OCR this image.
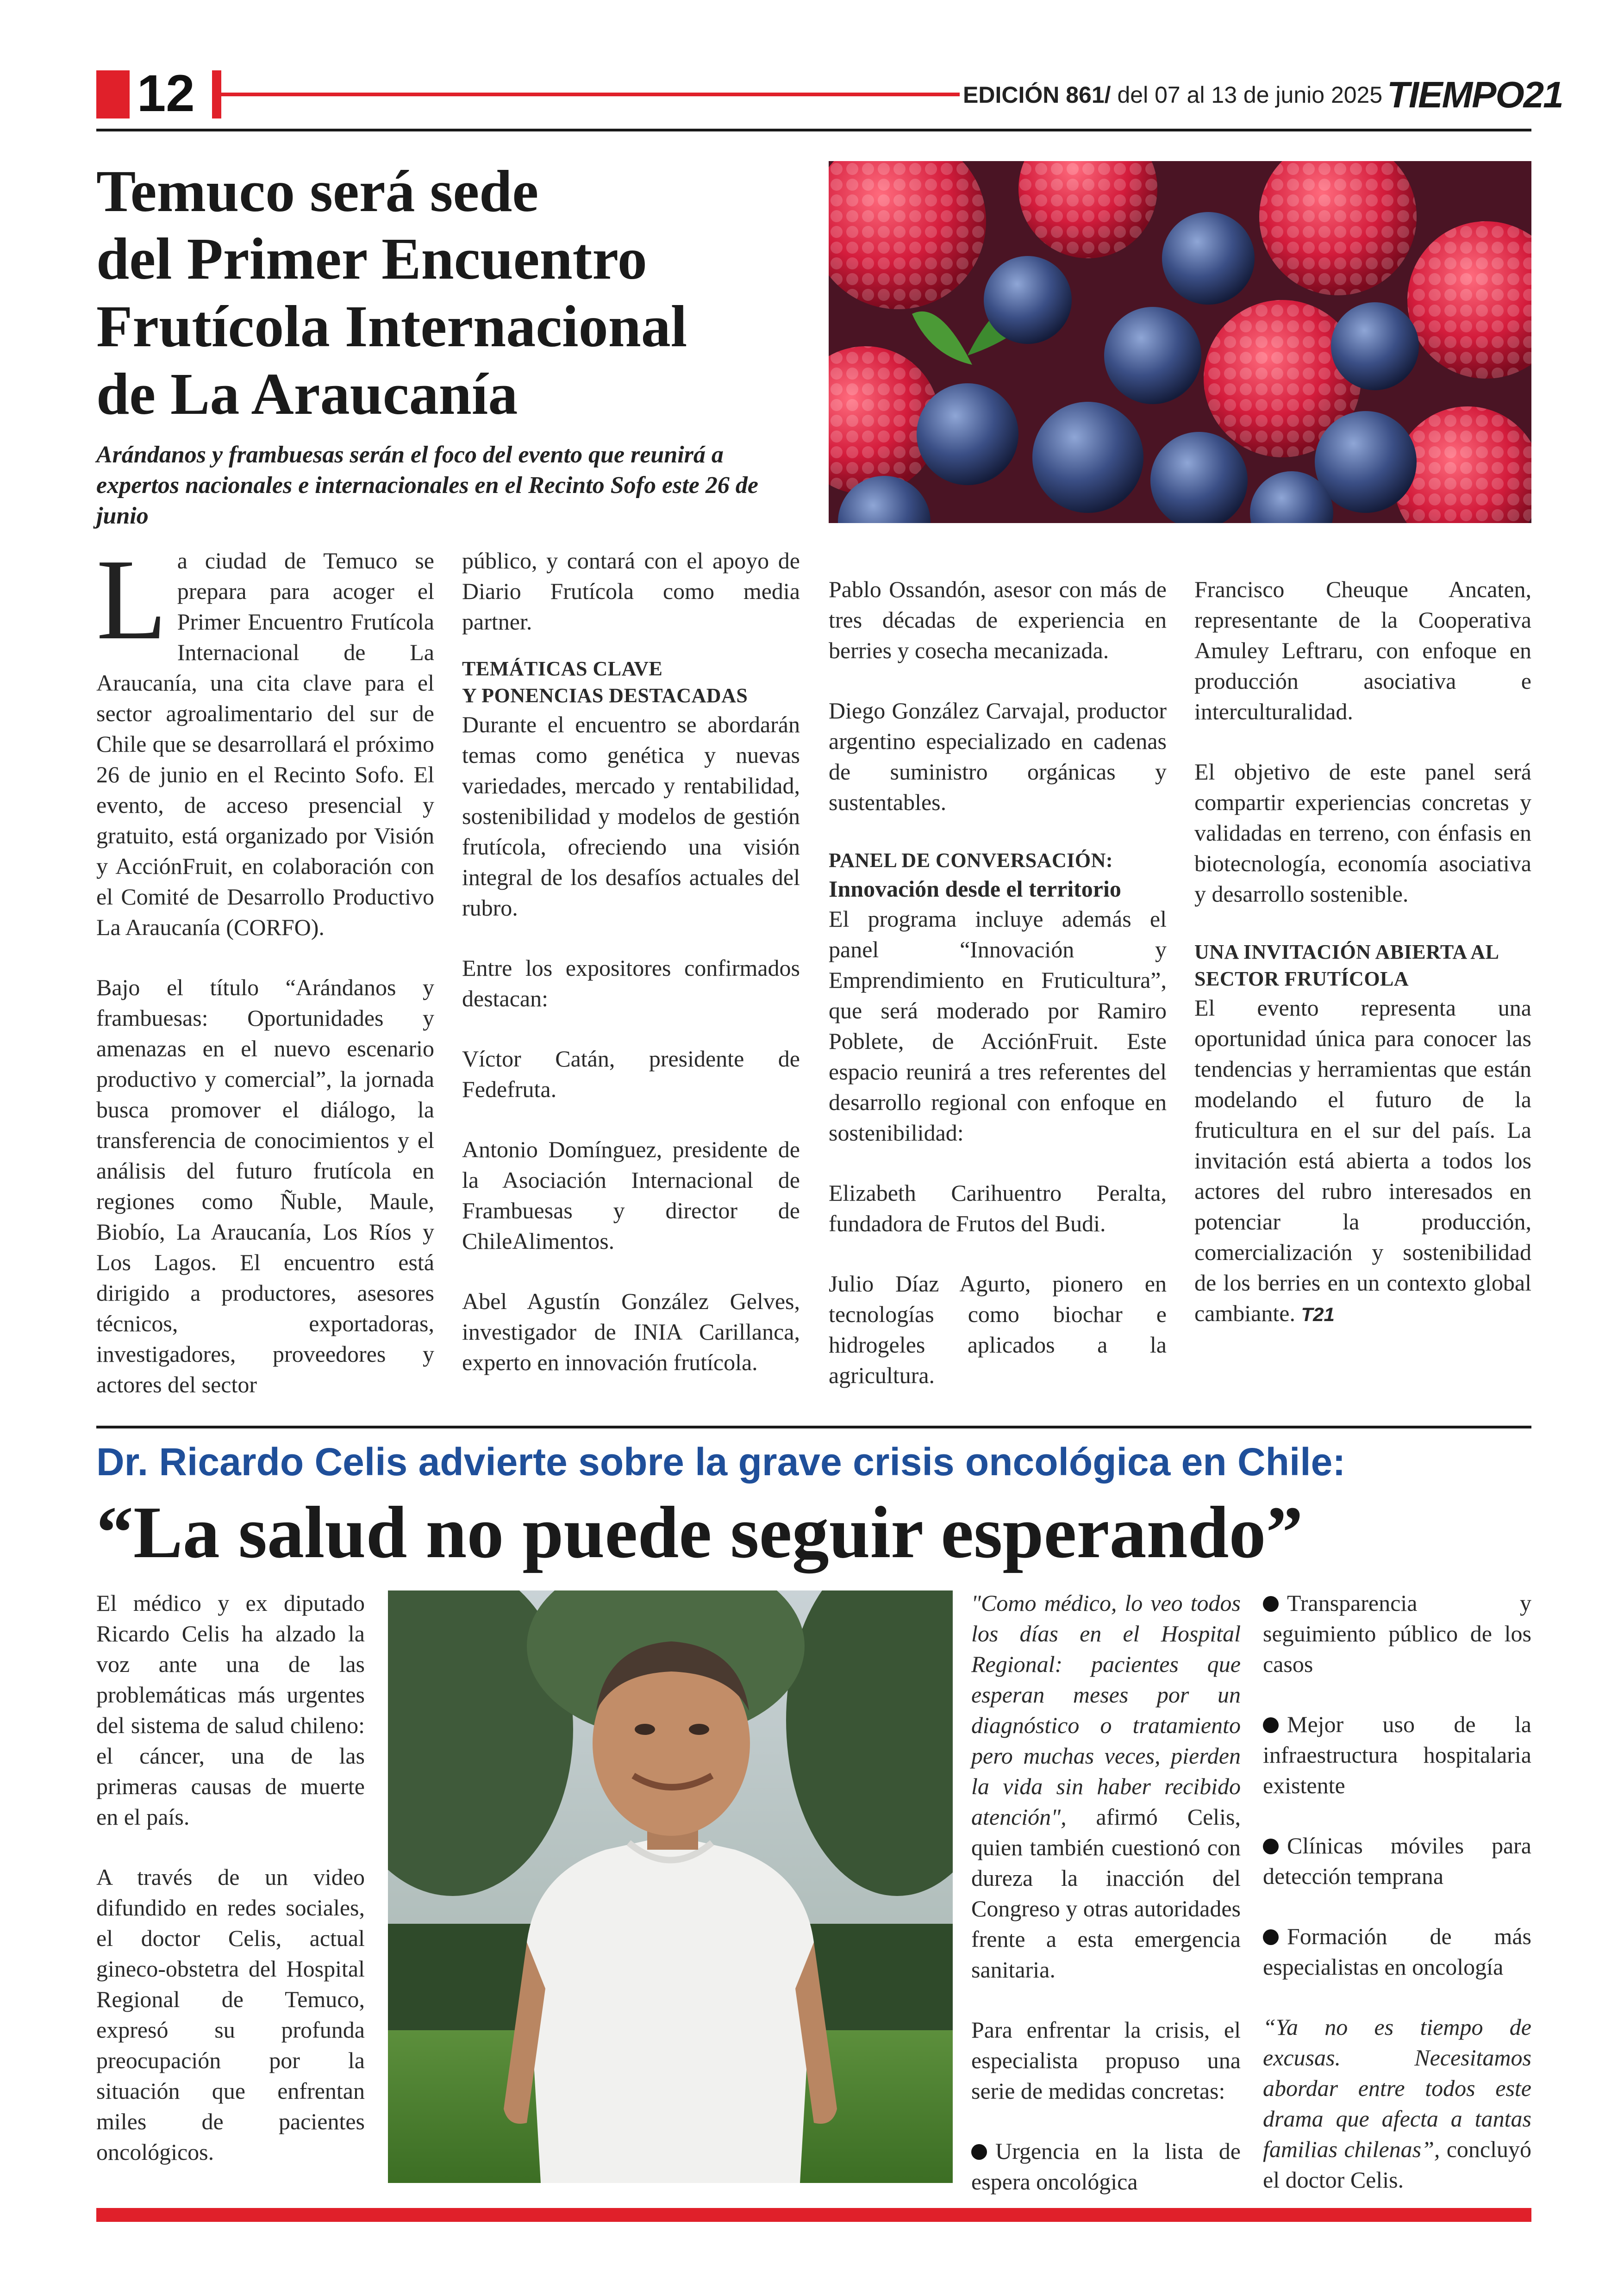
12	EDICIÓN 861/ del 07 al 13 de junio 2025 TIEMPO21
Temuco será sede
del Primer Encuentro
Frutícola Internacional
de La Araucanía
Arándanos y frambuesas serán el foco del evento que reunirá a expertos nacionales e internacionales en el Recinto Sofo este 26 de junio
L a ciudad de Temuco se prepara para acoger el Primer Encuentro Frutícola Internacional de La Araucanía, una cita clave para el sector agroalimentario del sur de Chile que se desarrollará el próximo 26 de junio en el Recinto Sofo. El evento, de acceso presencial y gratuito, está organizado por Visión y AcciónFruit, en colaboración con el Comité de Desarrollo Productivo La Araucanía (CORFO).

Bajo el título “Arándanos y frambuesas: Oportunidades y amenazas en el nuevo escenario productivo y comercial”, la jornada busca promover el diálogo, la transferencia de conocimientos y el análisis del futuro frutícola en regiones como Ñuble, Maule, Biobío, La Araucanía, Los Ríos y Los Lagos. El encuentro está dirigido a productores, asesores técnicos, exportadoras, investigadores, proveedores y actores del sector

público, y contará con el apoyo de Diario Frutícola como media partner.

TEMÁTICAS CLAVE
Y PONENCIAS DESTACADAS

Durante el encuentro se abordarán temas como genética y nuevas variedades, mercado y rentabilidad, sostenibilidad y modelos de gestión frutícola, ofreciendo una visión integral de los desafíos actuales del rubro.

Entre los expositores confirmados destacan:

Víctor Catán, presidente de Fedefruta.

Antonio Domínguez, presidente de la Asociación Internacional de Frambuesas y director de ChileAlimentos.

Abel Agustín González Gelves, investigador de INIA Carillanca, experto en innovación frutícola.

Pablo Ossandón, asesor con más de tres décadas de experiencia en berries y cosecha mecanizada.

Diego González Carvajal, productor argentino especializado en cadenas de suministro orgánicas y sustentables.

PANEL DE CONVERSACIÓN:
Innovación desde el territorio

El programa incluye además el panel “Innovación y Emprendimiento en Fruticultura”, que será moderado por Ramiro Poblete, de AcciónFruit. Este espacio reunirá a tres referentes del desarrollo regional con enfoque en sostenibilidad:

Elizabeth Carihuentro Peralta, fundadora de Frutos del Budi.

Julio Díaz Agurto, pionero en tecnologías como biochar e hidrogeles aplicados a la agricultura.

Francisco Cheuque Ancaten, representante de la Cooperativa Amuley Leftraru, con enfoque en producción asociativa e interculturalidad.

El objetivo de este panel será compartir experiencias concretas y validadas en terreno, con énfasis en biotecnología, economía asociativa y desarrollo sostenible.

UNA INVITACIÓN ABIERTA AL
SECTOR FRUTÍCOLA

El evento representa una oportunidad única para conocer las tendencias y herramientas que están modelando el futuro de la fruticultura en el sur del país. La invitación está abierta a todos los actores del rubro interesados en potenciar la producción, comercialización y sostenibilidad de los berries en un contexto global cambiante. T21

Dr. Ricardo Celis advierte sobre la grave crisis oncológica en Chile:
“La salud no puede seguir esperando”

El médico y ex diputado Ricardo Celis ha alzado la voz ante una de las problemáticas más urgentes del sistema de salud chileno: el cáncer, una de las primeras causas de muerte en el país.

A través de un video difundido en redes sociales, el doctor Celis, actual gineco-obstetra del Hospital Regional de Temuco, expresó su profunda preocupación por la situación que enfrentan miles de pacientes oncológicos.

"Como médico, lo veo todos los días en el Hospital Regional: pacientes que esperan meses por un diagnóstico o tratamiento pero muchas veces, pierden la vida sin haber recibido atención", afirmó Celis, quien también cuestionó con dureza la inacción del Congreso y otras autoridades frente a esta emergencia sanitaria.

Para enfrentar la crisis, el especialista propuso una serie de medidas concretas:

Urgencia en la lista de espera oncológica

Transparencia y seguimiento público de los casos

Mejor uso de la infraestructura hospitalaria existente

Clínicas móviles para detección temprana

Formación de más especialistas en oncología

“Ya no es tiempo de excusas. Necesitamos abordar entre todos este drama que afecta a tantas familias chilenas”, concluyó el doctor Celis.
